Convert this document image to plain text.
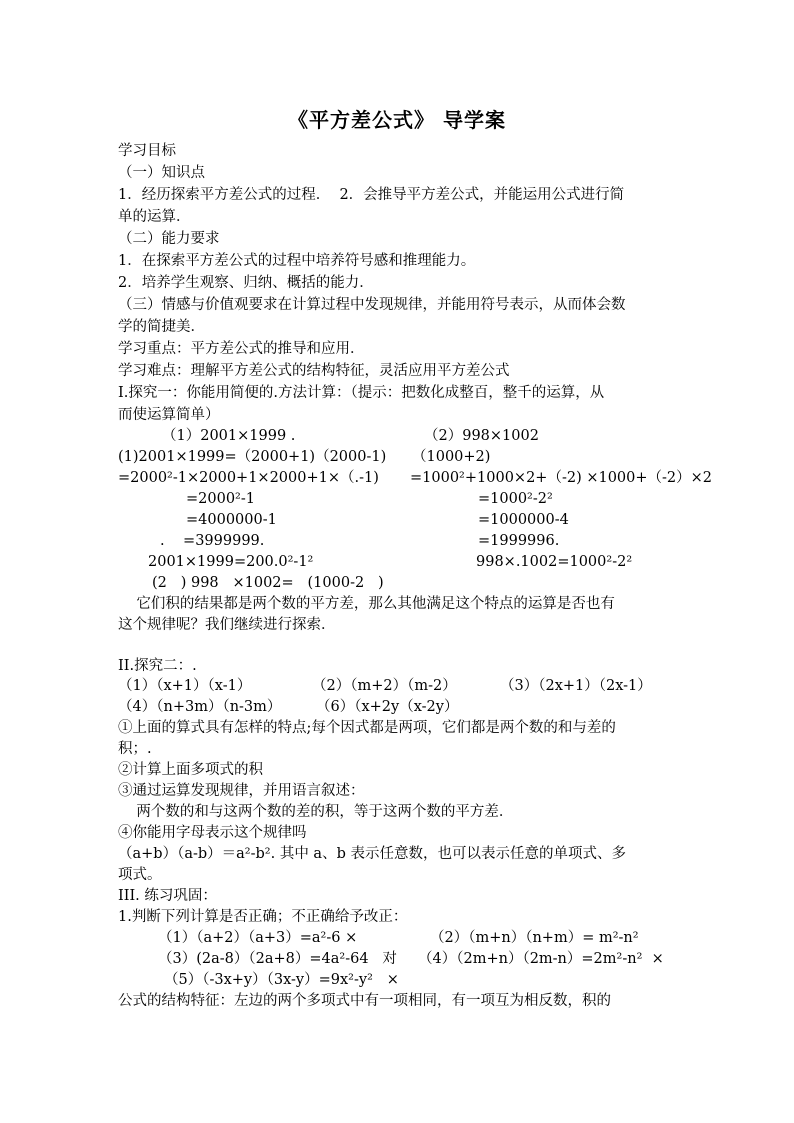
《平方差公式》 导学案
学习目标
（一）知识点
1．经历探索平方差公式的过程．  2．会推导平方差公式，并能运用公式进行简
单的运算．
（二）能力要求
1．在探索平方差公式的过程中培养符号感和推理能力。
2．培养学生观察、归纳、概括的能力．
（三）情感与价值观要求在计算过程中发现规律，并能用符号表示，从而体会数
学的简捷美．
学习重点：平方差公式的推导和应用．
学习难点：理解平方差公式的结构特征，灵活应用平方差公式
I.探究一：你能用简便的.方法计算：（提示：把数化成整百，整千的运算，从
而使运算简单）
（1）2001×1999 .	（2）998×1002
(1)2001×1999=（2000+1)（2000-1) （1000+2)
=2000²-1×2000+1×2000+1×（.-1) =1000²+1000×2+（-2) ×1000+（-2）×2
=2000²-1	=1000²-2²
=4000000-1	=1000000-4
.    =3999999.	=1999996.
2001×1999=200.0²-1²	998×.1002=1000²-2²
(2   ) 998   ×1002=   (1000-2   )
它们积的结果都是两个数的平方差，那么其他满足这个特点的运算是否也有
这个规律呢？我们继续进行探索．
II.探究二：.
（1）（x+1）（x-1）	（2）（m+2）（m-2）	（3）（2x+1）（2x-1）
（4）（n+3m）（n-3m） （6）（x+2y（x-2y）
①上面的算式具有怎样的特点;每个因式都是两项，它们都是两个数的和与差的
积；.
②计算上面多项式的积
③通过运算发现规律，并用语言叙述：
两个数的和与这两个数的差的积，等于这两个数的平方差．
④你能用字母表示这个规律吗
（a+b）（a-b）＝a²-b². 其中 a、b 表示任意数，也可以表示任意的单项式、多
项式。
III. 练习巩固：
1.判断下列计算是否正确；不正确给予改正：
（1）（a+2）（a+3）=a²-6 ×	（2）（m+n）（n+m）= m²-n²
（3）(2a-8）（2a+8）=4a²-64   对 （4）（2m+n）（2m-n）=2m²-n²  ×
（5）（-3x+y）（3x-y）=9x²-y²   ×
公式的结构特征：左边的两个多项式中有一项相同，有一项互为相反数，积的
